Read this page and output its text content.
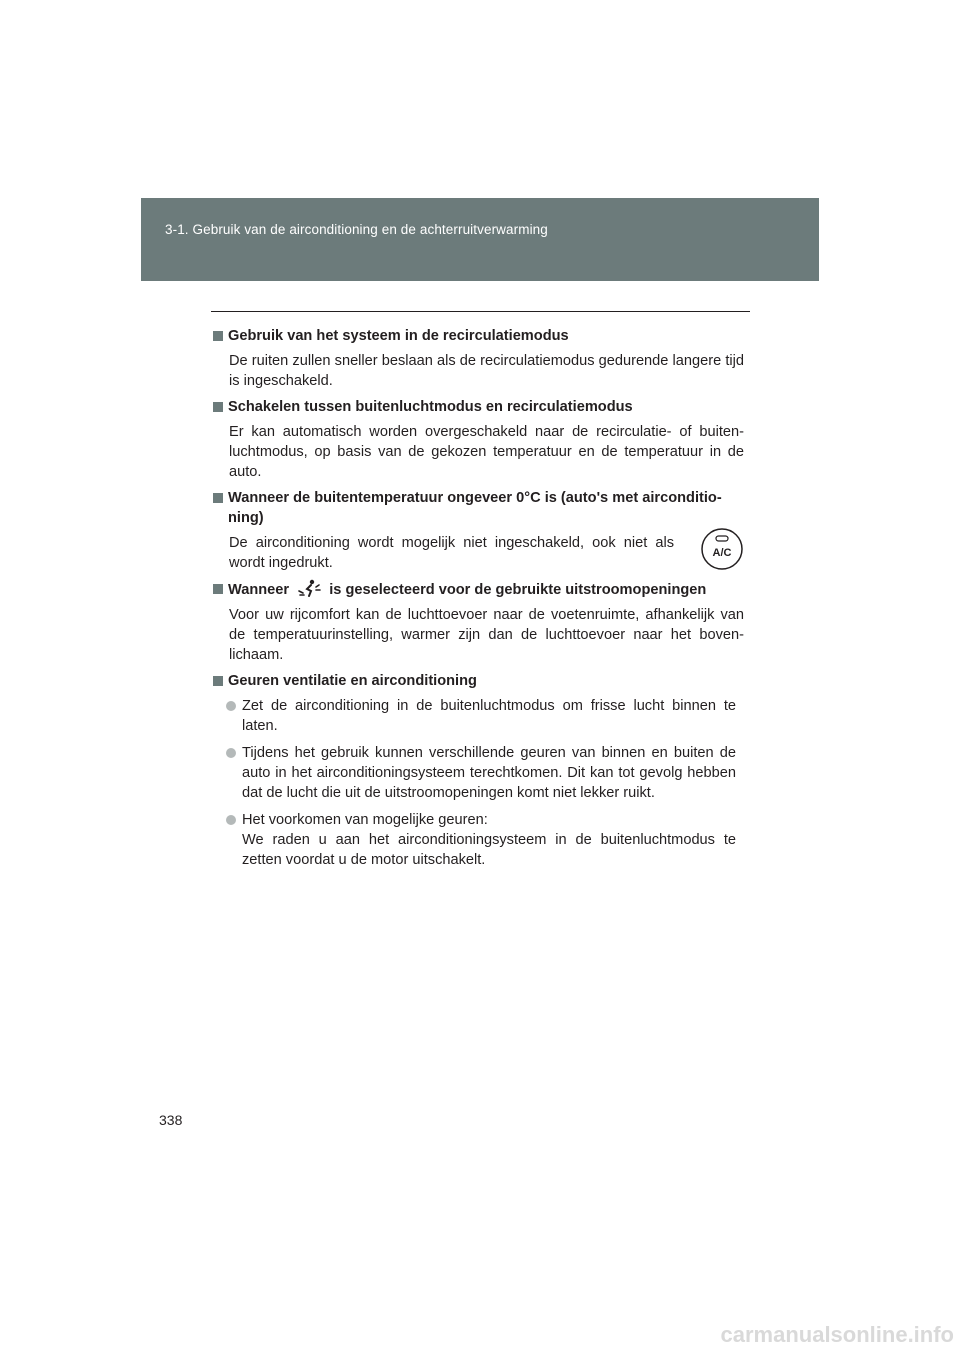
3-1. Gebruik van de airconditioning en de achterruitverwarming
Gebruik van het systeem in de recirculatiemodus
De ruiten zullen sneller beslaan als de recirculatiemodus gedurende langere tijd is ingeschakeld.
Schakelen tussen buitenluchtmodus en recirculatiemodus
Er kan automatisch worden overgeschakeld naar de recirculatie- of buiten-luchtmodus, op basis van de gekozen temperatuur en de temperatuur in de auto.
Wanneer de buitentemperatuur ongeveer 0°C is (auto's met airconditio-ning)
De airconditioning wordt mogelijk niet ingeschakeld, ook niet als wordt ingedrukt.
A/C
Wanneer	is geselecteerd voor de gebruikte uitstroomopeningen
Voor uw rijcomfort kan de luchttoevoer naar de voetenruimte, afhankelijk van de temperatuurinstelling, warmer zijn dan de luchttoevoer naar het boven-lichaam.
Geuren ventilatie en airconditioning
Zet de airconditioning in de buitenluchtmodus om frisse lucht binnen te laten.
Tijdens het gebruik kunnen verschillende geuren van binnen en buiten de auto in het airconditioningsysteem terechtkomen. Dit kan tot gevolg hebben dat de lucht die uit de uitstroomopeningen komt niet lekker ruikt.
Het voorkomen van mogelijke geuren:
We raden u aan het airconditioningsysteem in de buitenluchtmodus te zetten voordat u de motor uitschakelt.
338
carmanualsonline.info
